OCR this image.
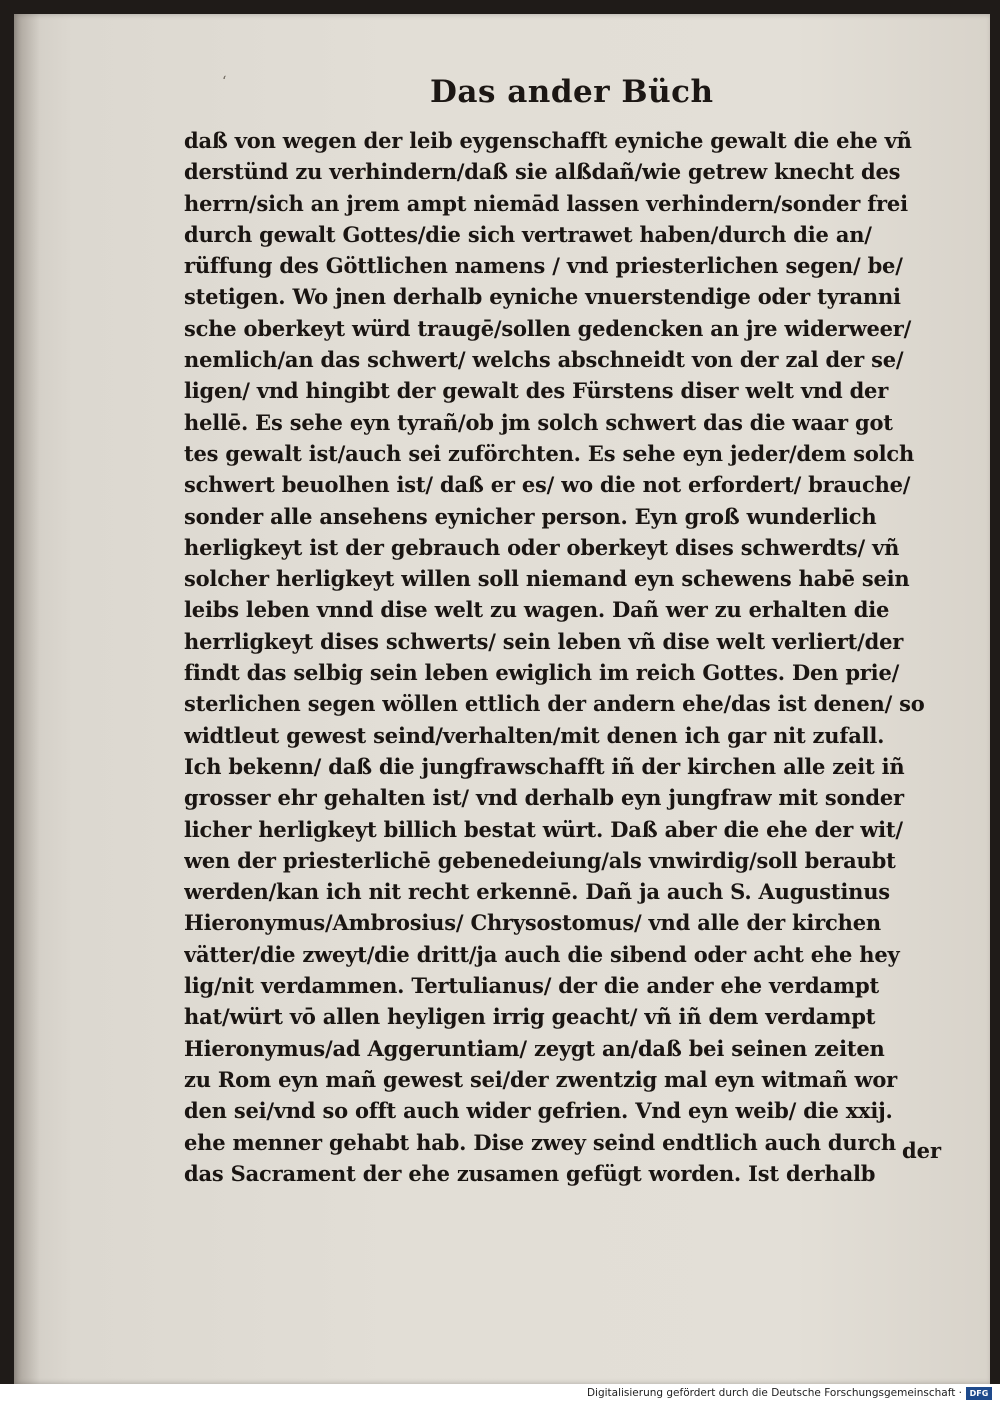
‘	Das ander Büch
daß von wegen der leib eygenschafft eyniche gewalt die ehe vñ
derstünd zu verhindern/daß sie alßdañ/wie getrew knecht des
herrn/sich an jrem ampt niemād lassen verhindern/sonder frei
durch gewalt Gottes/die sich vertrawet haben/durch die an/
rüffung des Göttlichen namens / vnd priesterlichen segen/ be/
stetigen. Wo jnen derhalb eyniche vnuerstendige oder tyranni
sche oberkeyt würd traugē/sollen gedencken an jre widerweer/
nemlich/an das schwert/ welchs abschneidt von der zal der se/
ligen/ vnd hingibt der gewalt des Fürstens diser welt vnd der
hellē. Es sehe eyn tyrañ/ob jm solch schwert das die waar got
tes gewalt ist/auch sei zuförchten. Es sehe eyn jeder/dem solch
schwert beuolhen ist/ daß er es/ wo die not erfordert/ brauche/
sonder alle ansehens eynicher person. Eyn groß wunderlich
herligkeyt ist der gebrauch oder oberkeyt dises schwerdts/ vñ
solcher herligkeyt willen soll niemand eyn schewens habē sein
leibs leben vnnd dise welt zu wagen. Dañ wer zu erhalten die
herrligkeyt dises schwerts/ sein leben vñ dise welt verliert/der
findt das selbig sein leben ewiglich im reich Gottes. Den prie/
sterlichen segen wöllen ettlich der andern ehe/das ist denen/ so
widtleut gewest seind/verhalten/mit denen ich gar nit zufall.
Ich bekenn/ daß die jungfrawschafft iñ der kirchen alle zeit iñ
grosser ehr gehalten ist/ vnd derhalb eyn jungfraw mit sonder
licher herligkeyt billich bestat würt. Daß aber die ehe der wit/
wen der priesterlichē gebenedeiung/als vnwirdig/soll beraubt
werden/kan ich nit recht erkennē. Dañ ja auch S. Augustinus
Hieronymus/Ambrosius/ Chrysostomus/ vnd alle der kirchen
vätter/die zweyt/die dritt/ja auch die sibend oder acht ehe hey
lig/nit verdammen. Tertulianus/ der die ander ehe verdampt
hat/würt vō allen heyligen irrig geacht/ vñ iñ dem verdampt
Hieronymus/ad Aggeruntiam/ zeygt an/daß bei seinen zeiten
zu Rom eyn mañ gewest sei/der zwentzig mal eyn witmañ wor
den sei/vnd so offt auch wider gefrien. Vnd eyn weib/ die xxij.
ehe menner gehabt hab. Dise zwey seind endtlich auch durch
das Sacrament der ehe zusamen gefügt worden. Ist derhalb
der
Digitalisierung gefördert durch die Deutsche Forschungsgemeinschaft · DFG
